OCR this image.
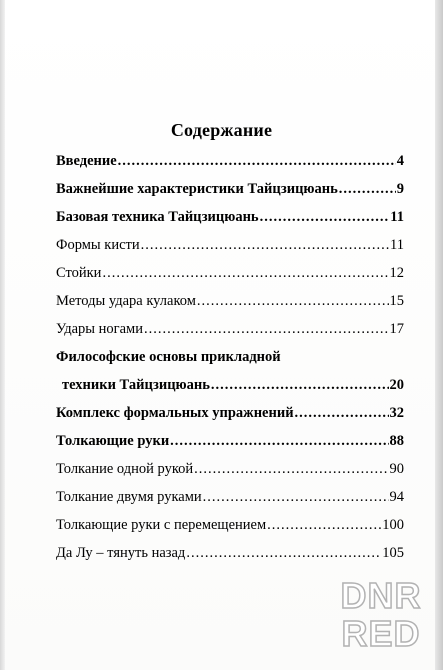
Содержание
Введение .....	4
Важнейшие характеристики Тайцзицюань .....	9
Базовая техника Тайцзицюань .....	11
Формы кисти .....	11
Стойки .....	12
Методы удара кулаком .....	15
Удары ногами .....	17
Философские основы прикладной
техники Тайцзицюань .....	20
Комплекс формальных упражнений .....	32
Толкающие руки .....	88
Толкание одной рукой .....	90
Толкание двумя руками .....	94
Толкающие руки с перемещением .....	100
Да Лу – тянуть назад .....	105
DNR
RED
